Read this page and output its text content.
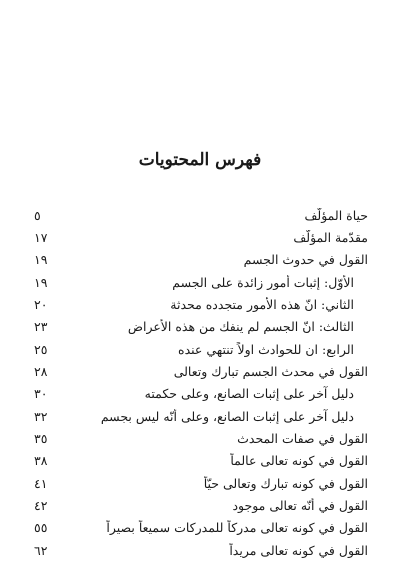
فهرس المحتويات
حياة المؤلّف
٥
مقدّمة المؤلّف
١٧
القول في حدوث الجسم
١٩
الأوّل: إثبات أمور زائدة على الجسم
١٩
الثاني: انّ هذه الأمور متجدده محدثة
٢٠
الثالث: انّ الجسم لم ينفك من هذه الأعراض
٢٣
الرابع: ان للحوادث اولاً تنتهي عنده
٢٥
القول في محدث الجسم تبارك وتعالى
٢٨
دليل آخر على إثبات الصانع، وعلى حكمته
٣٠
دليل آخر على إثبات الصانع، وعلى أنّه ليس بجسم
٣٢
القول في صفات المحدث
٣٥
القول في كونه تعالى عالماً
٣٨
القول في كونه تبارك وتعالى حيّاً
٤١
القول في أنّه تعالى موجود
٤٢
القول في كونه تعالى مدركاً للمدركات سميعاً بصيراً
٥٥
القول في كونه تعالى مريداً
٦٢
